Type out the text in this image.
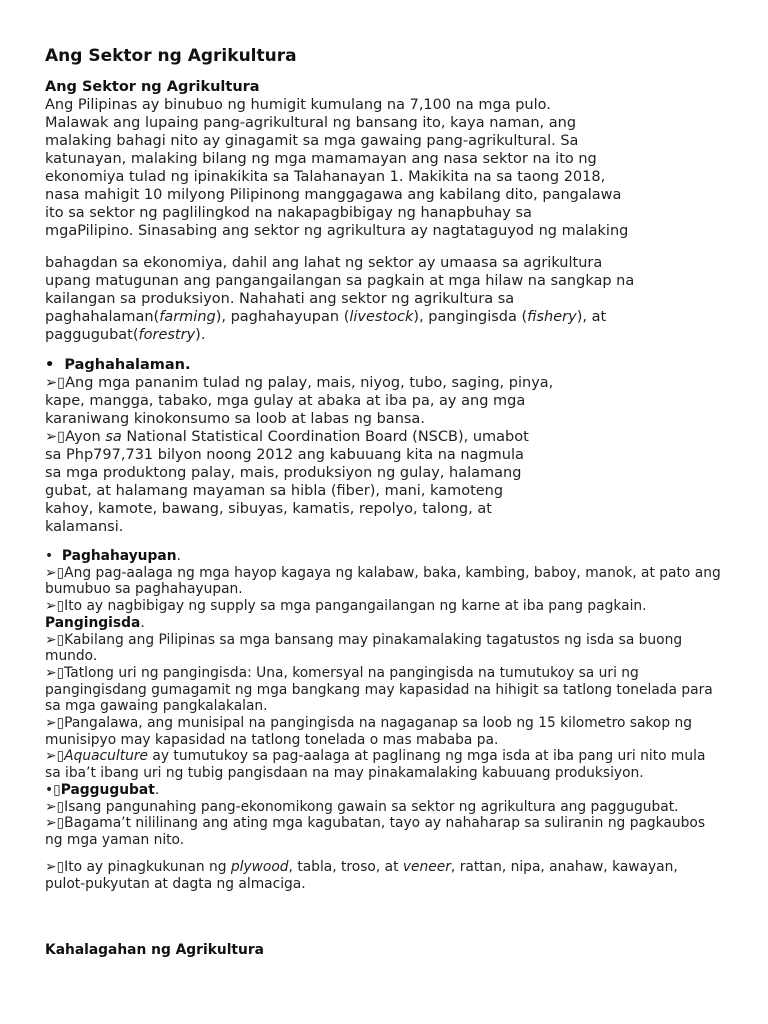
Ang Sektor ng Agrikultura
Ang Sektor ng Agrikultura
Ang Pilipinas ay binubuo ng humigit kumulang na 7,100 na mga pulo.
Malawak ang lupaing pang-agrikultural ng bansang ito, kaya naman, ang
malaking bahagi nito ay ginagamit sa mga gawaing pang-agrikultural. Sa
katunayan, malaking bilang ng mga mamamayan ang nasa sektor na ito ng
ekonomiya tulad ng ipinakikita sa Talahanayan 1. Makikita na sa taong 2018,
nasa mahigit 10 milyong Pilipinong manggagawa ang kabilang dito, pangalawa
ito sa sektor ng paglilingkod na nakapagbibigay ng hanapbuhay sa
mgaPilipino. Sinasabing ang sektor ng agrikultura ay nagtataguyod ng malaking
bahagdan sa ekonomiya, dahil ang lahat ng sektor ay umaasa sa agrikultura
upang matugunan ang pangangailangan sa pagkain at mga hilaw na sangkap na
kailangan sa produksiyon. Nahahati ang sektor ng agrikultura sa
paghahalaman(farming), paghahayupan (livestock), pangingisda (fishery), at
paggugubat(forestry).
• Paghahalaman.
➢▯Ang mga pananim tulad ng palay, mais, niyog, tubo, saging, pinya,
kape, mangga, tabako, mga gulay at abaka at iba pa, ay ang mga
karaniwang kinokonsumo sa loob at labas ng bansa.
➢▯Ayon sa National Statistical Coordination Board (NSCB), umabot
sa Php797,731 bilyon noong 2012 ang kabuuang kita na nagmula
sa mga produktong palay, mais, produksiyon ng gulay, halamang
gubat, at halamang mayaman sa hibla (fiber), mani, kamoteng
kahoy, kamote, bawang, sibuyas, kamatis, repolyo, talong, at
kalamansi.
• Paghahayupan.
➢▯Ang pag-aalaga ng mga hayop kagaya ng kalabaw, baka, kambing, baboy, manok, at pato ang
bumubuo sa paghahayupan.
➢▯Ito ay nagbibigay ng supply sa mga pangangailangan ng karne at iba pang pagkain.
Pangingisda.
➢▯Kabilang ang Pilipinas sa mga bansang may pinakamalaking tagatustos ng isda sa buong
mundo.
➢▯Tatlong uri ng pangingisda: Una, komersyal na pangingisda na tumutukoy sa uri ng
pangingisdang gumagamit ng mga bangkang may kapasidad na hihigit sa tatlong tonelada para
sa mga gawaing pangkalakalan.
➢▯Pangalawa, ang munisipal na pangingisda na nagaganap sa loob ng 15 kilometro sakop ng
munisipyo may kapasidad na tatlong tonelada o mas mababa pa.
➢▯Aquaculture ay tumutukoy sa pag-aalaga at paglinang ng mga isda at iba pang uri nito mula
sa iba’t ibang uri ng tubig pangisdaan na may pinakamalaking kabuuang produksiyon.
•▯Paggugubat.
➢▯Isang pangunahing pang-ekonomikong gawain sa sektor ng agrikultura ang paggugubat.
➢▯Bagama’t nililinang ang ating mga kagubatan, tayo ay nahaharap sa suliranin ng pagkaubos
ng mga yaman nito.
➢▯Ito ay pinagkukunan ng plywood, tabla, troso, at veneer, rattan, nipa, anahaw, kawayan,
pulot-pukyutan at dagta ng almaciga.
Kahalagahan ng Agrikultura
